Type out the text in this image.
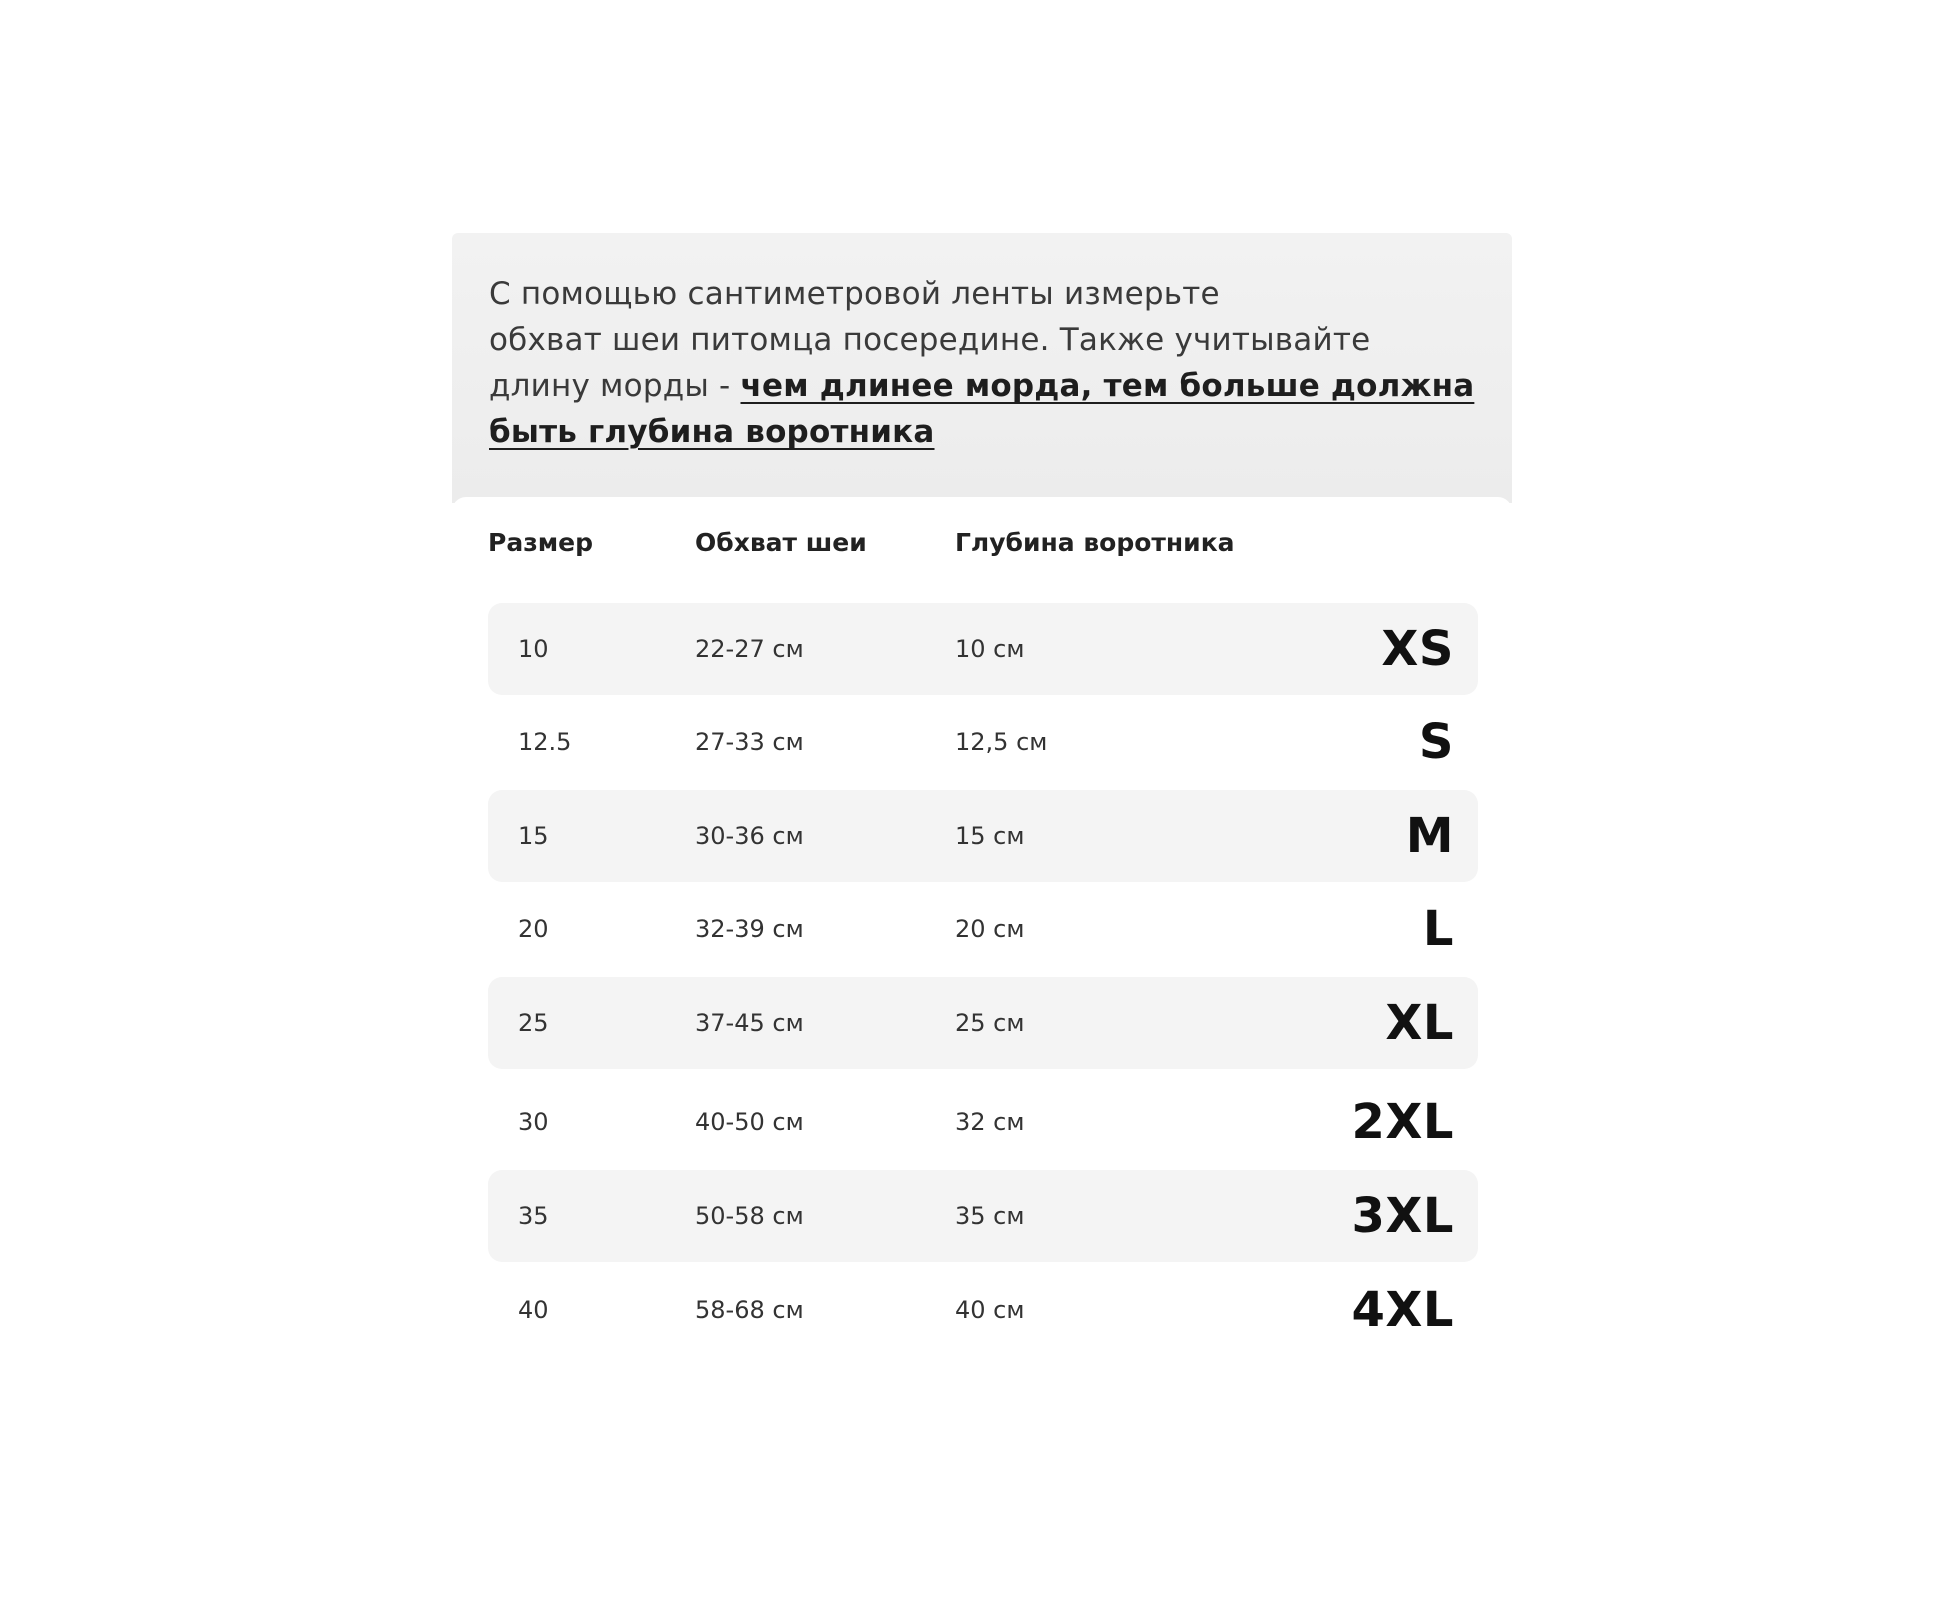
С помощью сантиметровой ленты измерьте
обхват шеи питомца посередине. Также учитывайте
длину морды - чем длинее морда, тем больше должна
быть глубина воротника
Размер	Обхват шеи	Глубина воротника
10	22-27 см	10 см	XS
12.5	27-33 см	12,5 см	S
15	30-36 см	15 см	M
20	32-39 см	20 см	L
25	37-45 см	25 см	XL
30	40-50 см	32 см	2XL
35	50-58 см	35 см	3XL
40	58-68 см	40 см	4XL
